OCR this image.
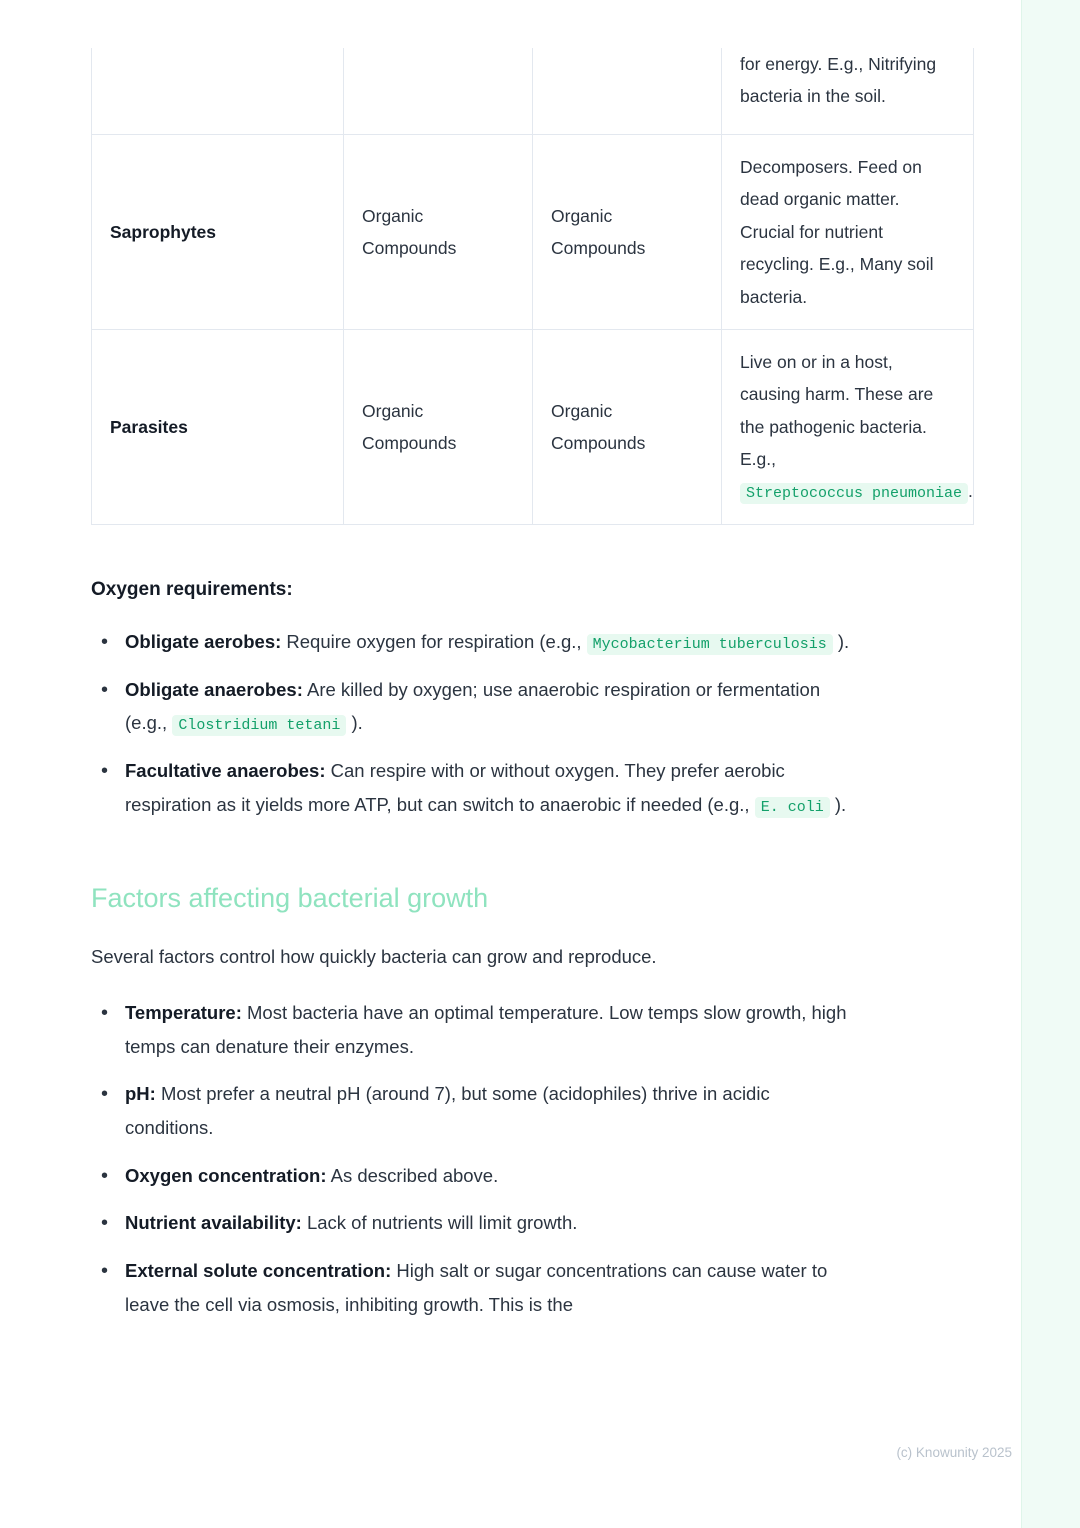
			for energy. E.g., Nitrifying bacteria in the soil.
Saprophytes	Organic Compounds	Organic Compounds	Decomposers. Feed on dead organic matter. Crucial for nutrient recycling. E.g., Many soil bacteria.
Parasites	Organic Compounds	Organic Compounds	Live on or in a host, causing harm. These are the pathogenic bacteria. E.g., Streptococcus pneumoniae .
Oxygen requirements:
• Obligate aerobes: Require oxygen for respiration (e.g., Mycobacterium tuberculosis ).
• Obligate anaerobes: Are killed by oxygen; use anaerobic respiration or fermentation (e.g., Clostridium tetani ).
• Facultative anaerobes: Can respire with or without oxygen. They prefer aerobic respiration as it yields more ATP, but can switch to anaerobic if needed (e.g., E. coli ).
Factors affecting bacterial growth

Several factors control how quickly bacteria can grow and reproduce.

• Temperature: Most bacteria have an optimal temperature. Low temps slow growth, high temps can denature their enzymes.
• pH: Most prefer a neutral pH (around 7), but some (acidophiles) thrive in acidic conditions.
• Oxygen concentration: As described above.
• Nutrient availability: Lack of nutrients will limit growth.
• External solute concentration: High salt or sugar concentrations can cause water to leave the cell via osmosis, inhibiting growth. This is the
(c) Knowunity 2025
